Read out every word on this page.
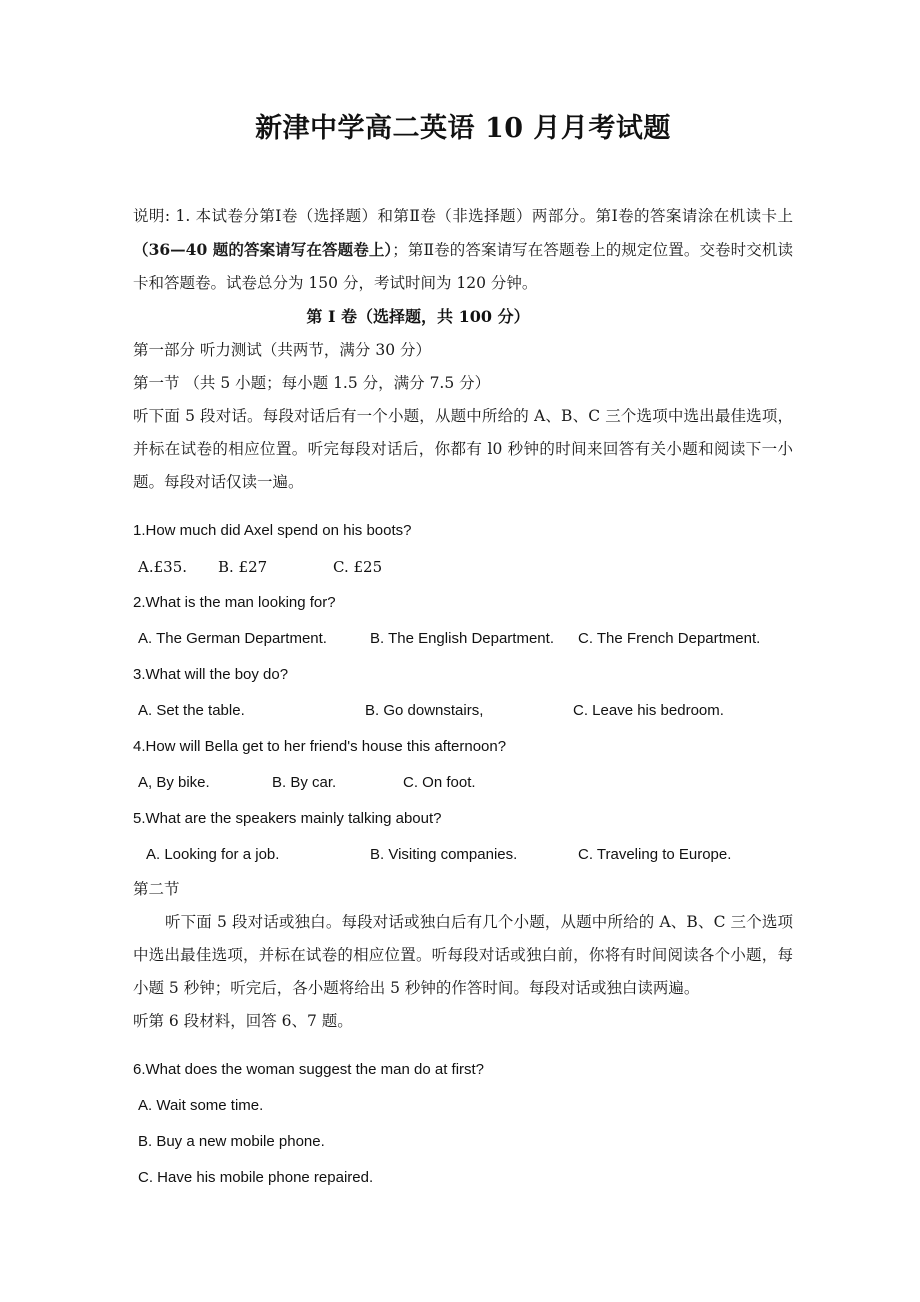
新津中学高二英语 10 月月考试题

说明: 1. 本试卷分第Ⅰ卷（选择题）和第Ⅱ卷（非选择题）两部分。第Ⅰ卷的答案请涂在机读卡上（36—40 题的答案请写在答题卷上）；第Ⅱ卷的答案请写在答题卷上的规定位置。交卷时交机读卡和答题卷。试卷总分为 150 分，考试时间为 120 分钟。

第 I 卷（选择题，共 100 分）
第一部分 听力测试（共两节，满分 30 分）
第一节 （共 5 小题；每小题 1.5 分，满分 7.5 分）

听下面 5 段对话。每段对话后有一个小题，从题中所给的 A、B、C 三个选项中选出最佳选项，并标在试卷的相应位置。听完每段对话后，你都有 l0 秒钟的时间来回答有关小题和阅读下一小题。每段对话仅读一遍。

1.How much did Axel spend on his boots?
A.£35. B. £27	C. £25
2.What is the man looking for?
A. The German Department.	B. The English Department. C. The French Department.
3.What will the boy do?
A. Set the table.	B. Go downstairs,	C. Leave his bedroom.
4.How will Bella get to her friend's house this afternoon?
A, By bike.	B. By car.	C. On foot.
5.What are the speakers mainly talking about?
A. Looking for a job.	B. Visiting companies.	C. Traveling to Europe.
第二节

听下面 5 段对话或独白。每段对话或独白后有几个小题，从题中所给的 A、B、C 三个选项中选出最佳选项，并标在试卷的相应位置。听每段对话或独白前，你将有时间阅读各个小题，每小题 5 秒钟；听完后，各小题将给出 5 秒钟的作答时间。每段对话或独白读两遍。

听第 6 段材料，回答 6、7 题。
6.What does the woman suggest the man do at first?
A. Wait some time.
B. Buy a new mobile phone.
C. Have his mobile phone repaired.
